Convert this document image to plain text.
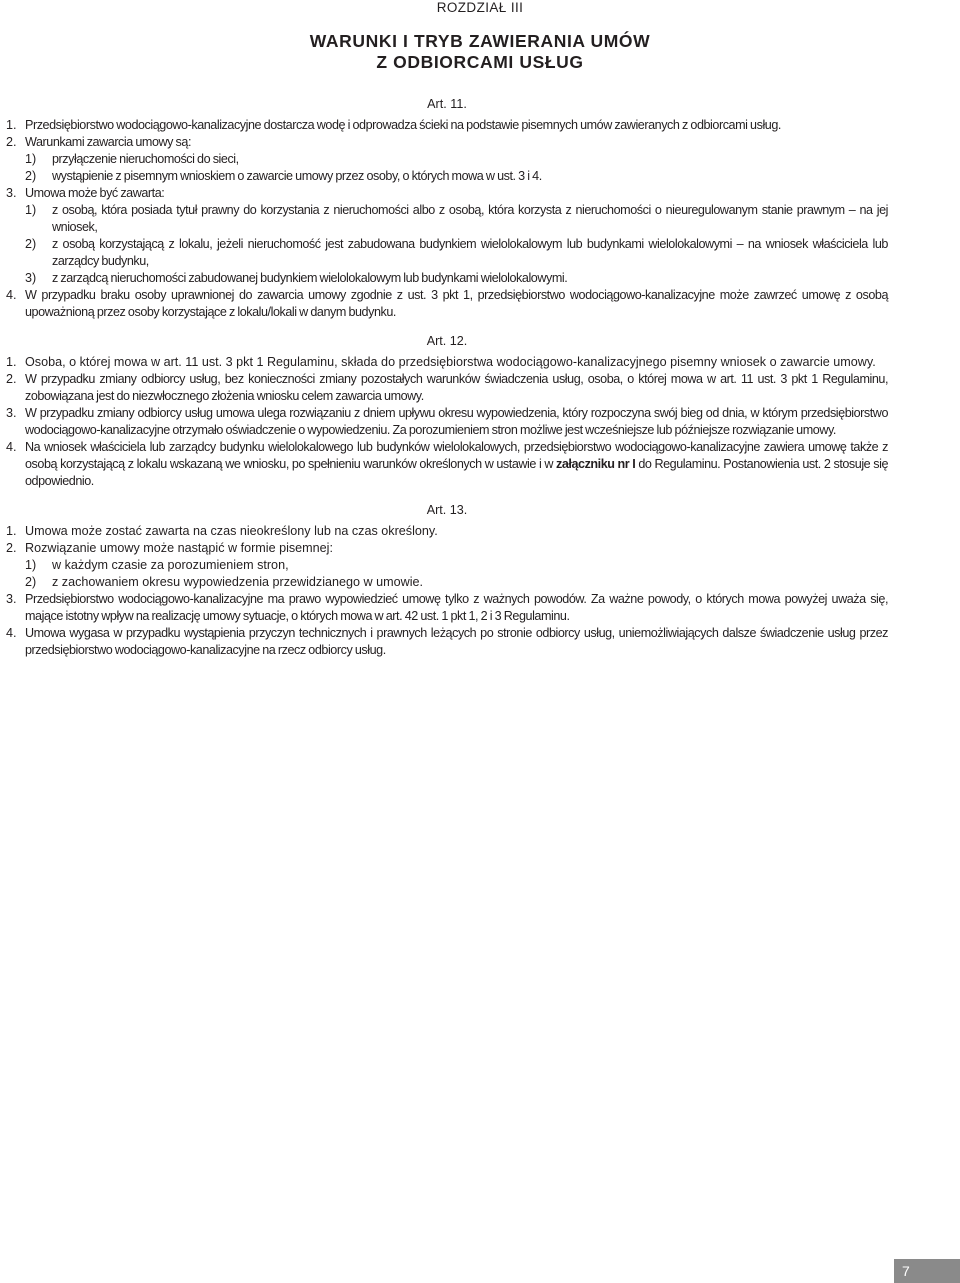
ROZDZIAŁ III
WARUNKI I TRYB ZAWIERANIA UMÓW
Z ODBIORCAMI USŁUG
Art. 11.
1. Przedsiębiorstwo wodociągowo-kanalizacyjne dostarcza wodę i odprowadza ścieki na podstawie pisemnych umów zawieranych z odbiorcami usług.
2. Warunkami zawarcia umowy są:
1)	przyłączenie nieruchomości do sieci,
2)	wystąpienie z pisemnym wnioskiem o zawarcie umowy przez osoby, o których mowa w ust. 3 i 4.
3. Umowa może być zawarta:
1)	z osobą, która posiada tytuł prawny do korzystania z nieruchomości albo z osobą, która korzysta z nieruchomości o nieuregulowanym stanie prawnym – na jej wniosek,
2)	z osobą korzystającą z lokalu, jeżeli nieruchomość jest zabudowana budynkiem wielolokalowym lub budynkami wielolokalowymi – na wniosek właściciela lub zarządcy budynku,
3)	z zarządcą nieruchomości zabudowanej budynkiem wielolokalowym lub budynkami wielolokalowymi.
4. W przypadku braku osoby uprawnionej do zawarcia umowy zgodnie z ust. 3 pkt 1, przedsiębiorstwo wodociągowo-kanalizacyjne może zawrzeć umowę z osobą upoważnioną przez osoby korzystające z lokalu/lokali w danym budynku.
Art. 12.
1. Osoba, o której mowa w art. 11 ust. 3 pkt 1 Regulaminu, składa do przedsiębiorstwa wodociągowo-kanalizacyjnego pisemny wniosek o zawarcie umowy.
2. W przypadku zmiany odbiorcy usług, bez konieczności zmiany pozostałych warunków świadczenia usług, osoba, o której mowa w art. 11 ust. 3 pkt 1 Regulaminu, zobowiązana jest do niezwłocznego złożenia wniosku celem zawarcia umowy.
3. W przypadku zmiany odbiorcy usług umowa ulega rozwiązaniu z dniem upływu okresu wypowiedzenia, który rozpoczyna swój bieg od dnia, w którym przedsiębiorstwo wodociągowo-kanalizacyjne otrzymało oświadczenie o wypowiedzeniu. Za porozumieniem stron możliwe jest wcześniejsze lub późniejsze rozwiązanie umowy.
4. Na wniosek właściciela lub zarządcy budynku wielolokalowego lub budynków wielolokalowych, przedsiębiorstwo wodociągowo-kanalizacyjne zawiera umowę także z osobą korzystającą z lokalu wskazaną we wniosku, po spełnieniu warunków określonych w ustawie i w załączniku nr I do Regulaminu. Postanowienia ust. 2 stosuje się odpowiednio.
Art. 13.
1. Umowa może zostać zawarta na czas nieokreślony lub na czas określony.
2. Rozwiązanie umowy może nastąpić w formie pisemnej:
1)	w każdym czasie za porozumieniem stron,
2)	z zachowaniem okresu wypowiedzenia przewidzianego w umowie.
3. Przedsiębiorstwo wodociągowo-kanalizacyjne ma prawo wypowiedzieć umowę tylko z ważnych powodów. Za ważne powody, o których mowa powyżej uważa się, mające istotny wpływ na realizację umowy sytuacje, o których mowa w art. 42 ust. 1 pkt 1, 2 i 3 Regulaminu.
4. Umowa wygasa w przypadku wystąpienia przyczyn technicznych i prawnych leżących po stronie odbiorcy usług, uniemożliwiających dalsze świadczenie usług przez przedsiębiorstwo wodociągowo-kanalizacyjne na rzecz odbiorcy usług.
7
